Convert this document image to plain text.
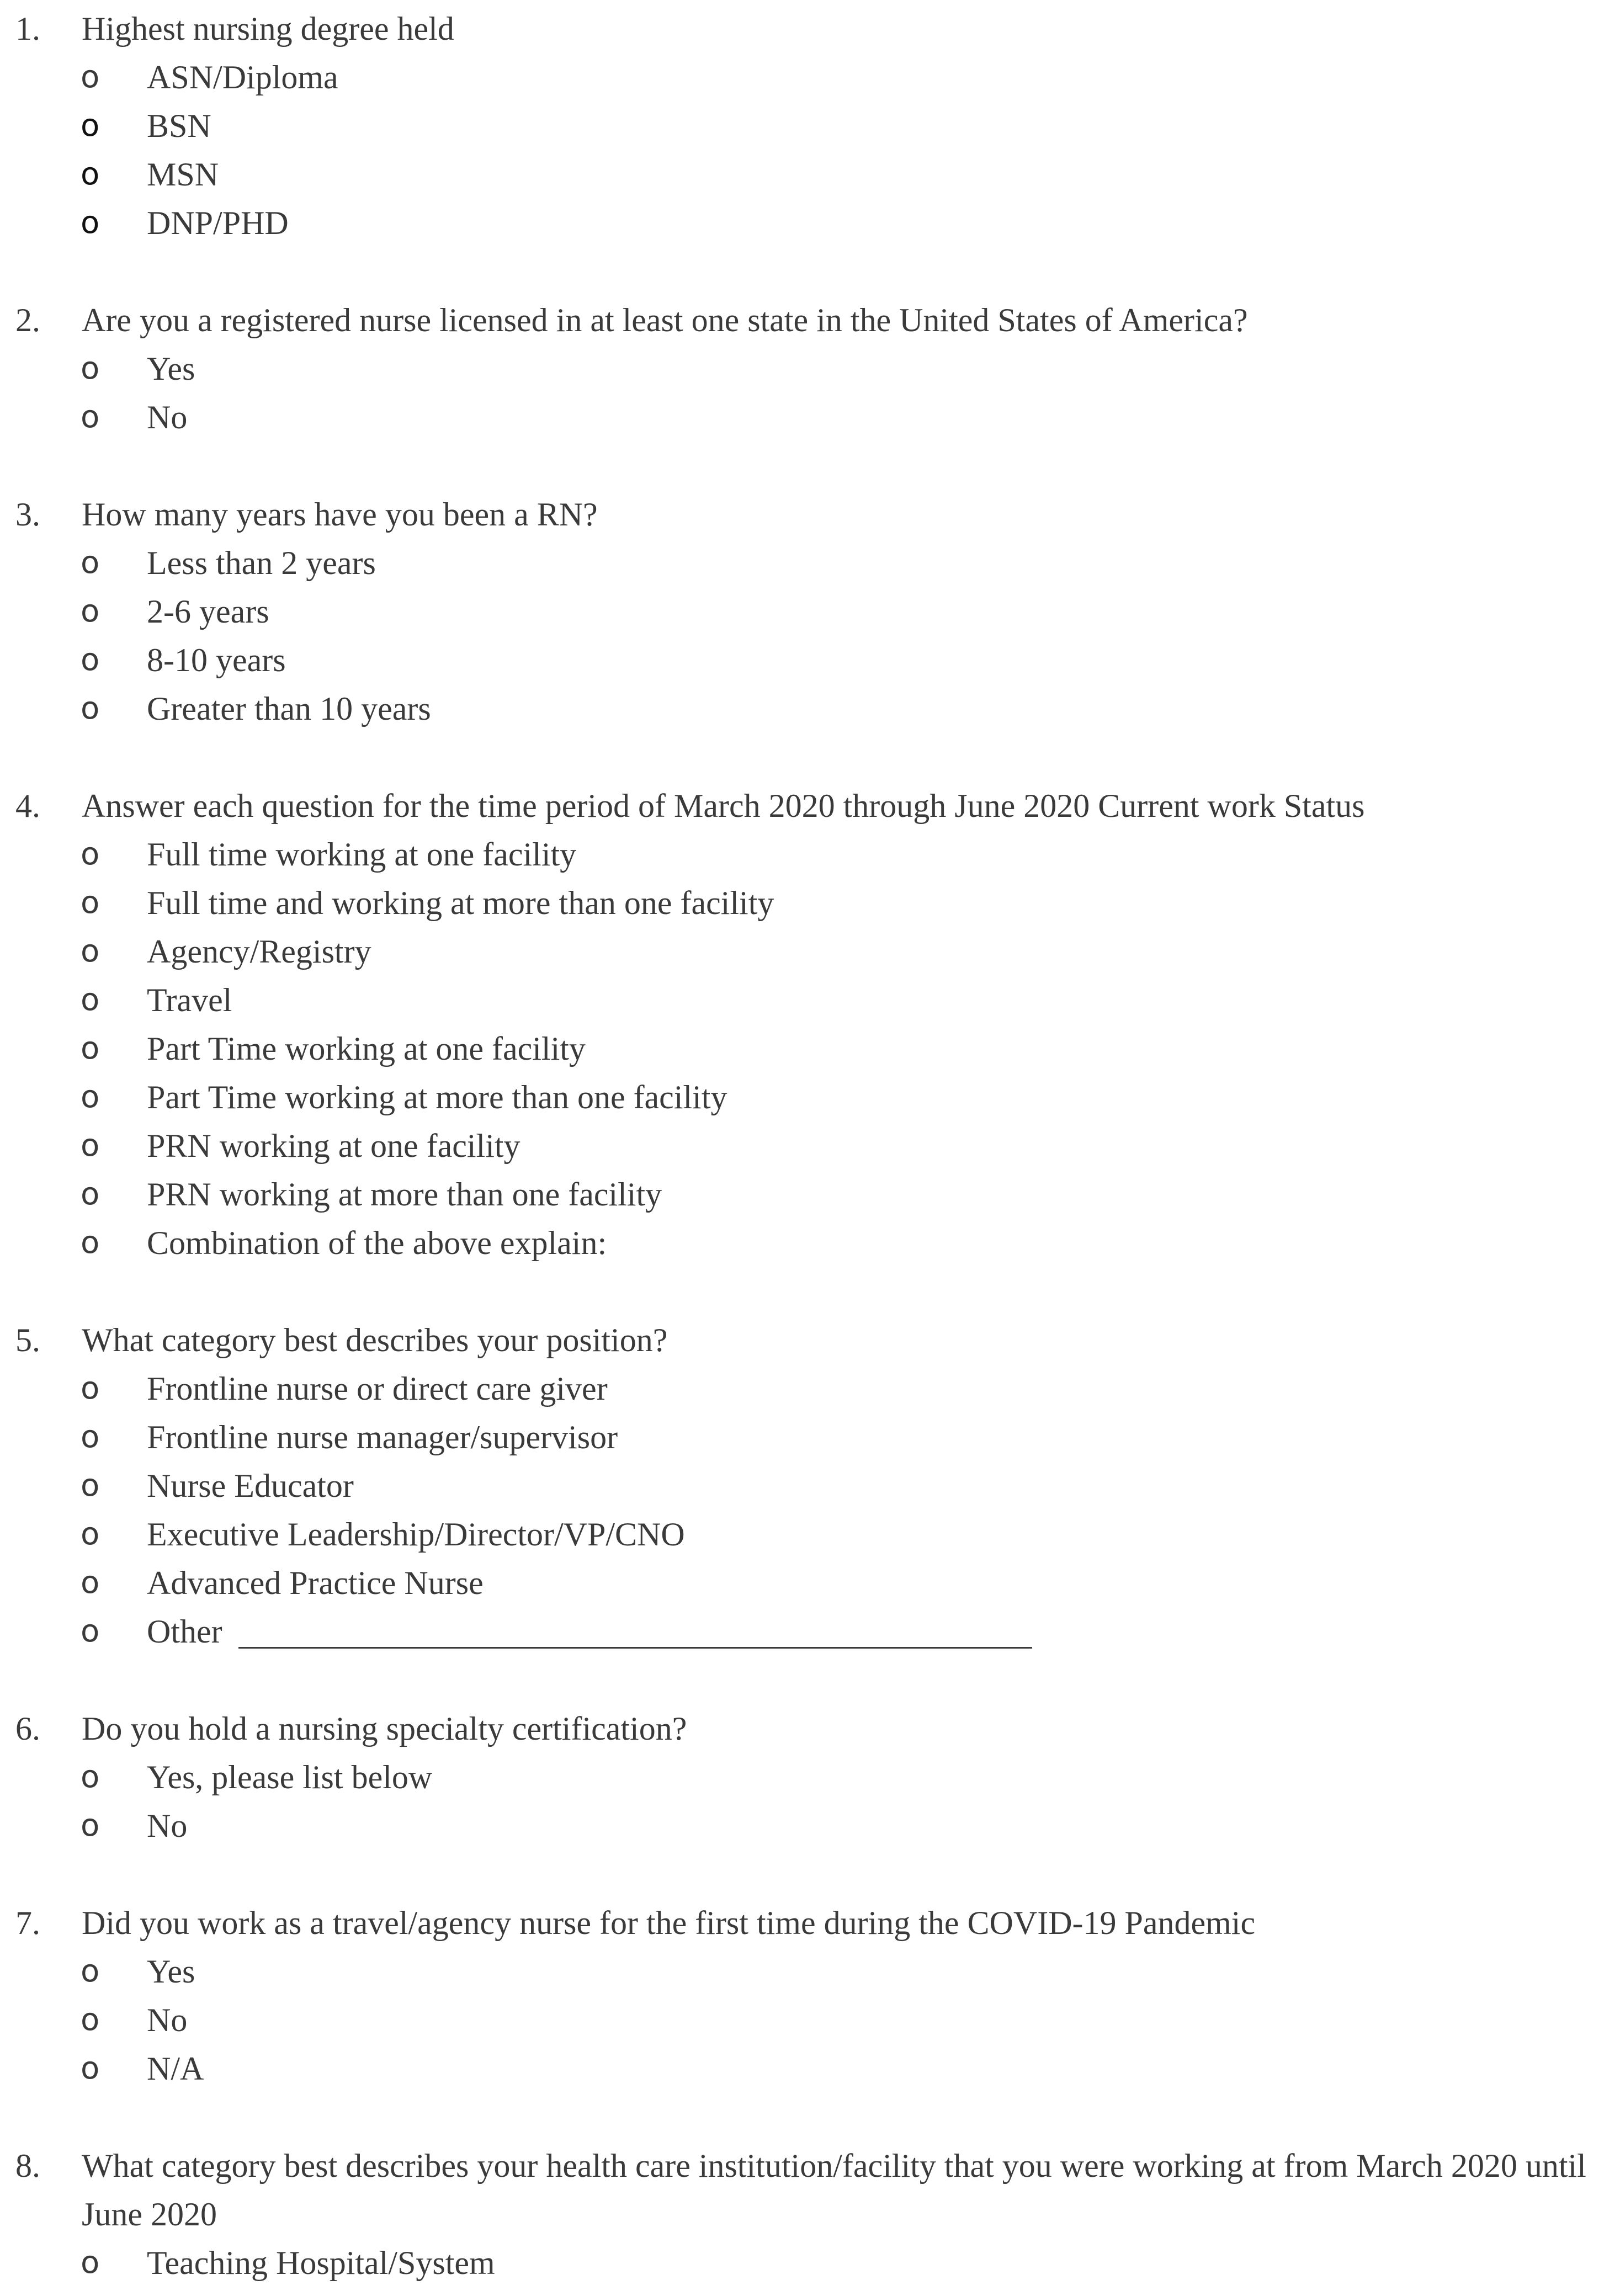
1. Highest nursing degree held
o ASN/Diploma
o BSN
o MSN
o DNP/PHD
2. Are you a registered nurse licensed in at least one state in the United States of America?
o Yes
o No
3. How many years have you been a RN?
o Less than 2 years
o 2-6 years
o 8-10 years
o Greater than 10 years
4. Answer each question for the time period of March 2020 through June 2020 Current work Status
o Full time working at one facility
o Full time and working at more than one facility
o Agency/Registry
o Travel
o Part Time working at one facility
o Part Time working at more than one facility
o PRN working at one facility
o PRN working at more than one facility
o Combination of the above explain:
5. What category best describes your position?
o Frontline nurse or direct care giver
o Frontline nurse manager/supervisor
o Nurse Educator
o Executive Leadership/Director/VP/CNO
o Advanced Practice Nurse
o Other
6. Do you hold a nursing specialty certification?
o Yes, please list below
o No
7. Did you work as a travel/agency nurse for the first time during the COVID-19 Pandemic
o Yes
o No
o N/A
8. What category best describes your health care institution/facility that you were working at from March 2020 until June 2020
o Teaching Hospital/System
